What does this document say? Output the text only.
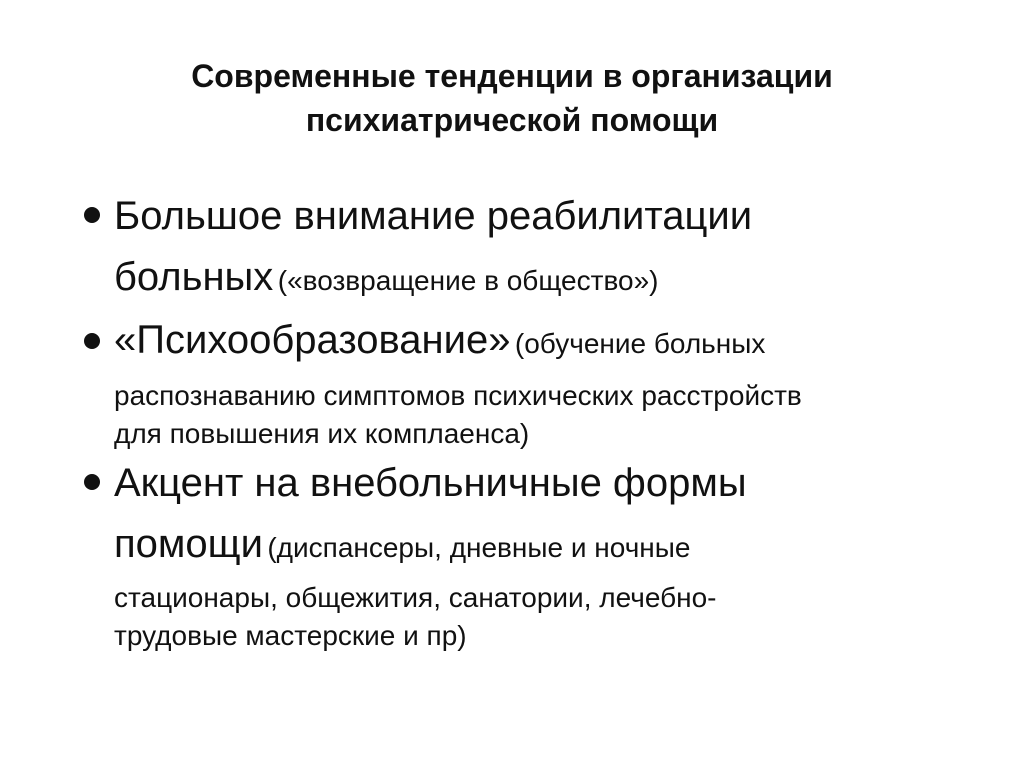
Современные тенденции в организации
психиатрической помощи
Большое внимание реабилитации
больных («возвращение в общество»)
«Психообразование» (обучение больных
распознаванию симптомов психических расстройств
для повышения их комплаенса)
Акцент на внебольничные формы
помощи (диспансеры, дневные и ночные
стационары, общежития, санатории, лечебно-
трудовые мастерские и пр)
